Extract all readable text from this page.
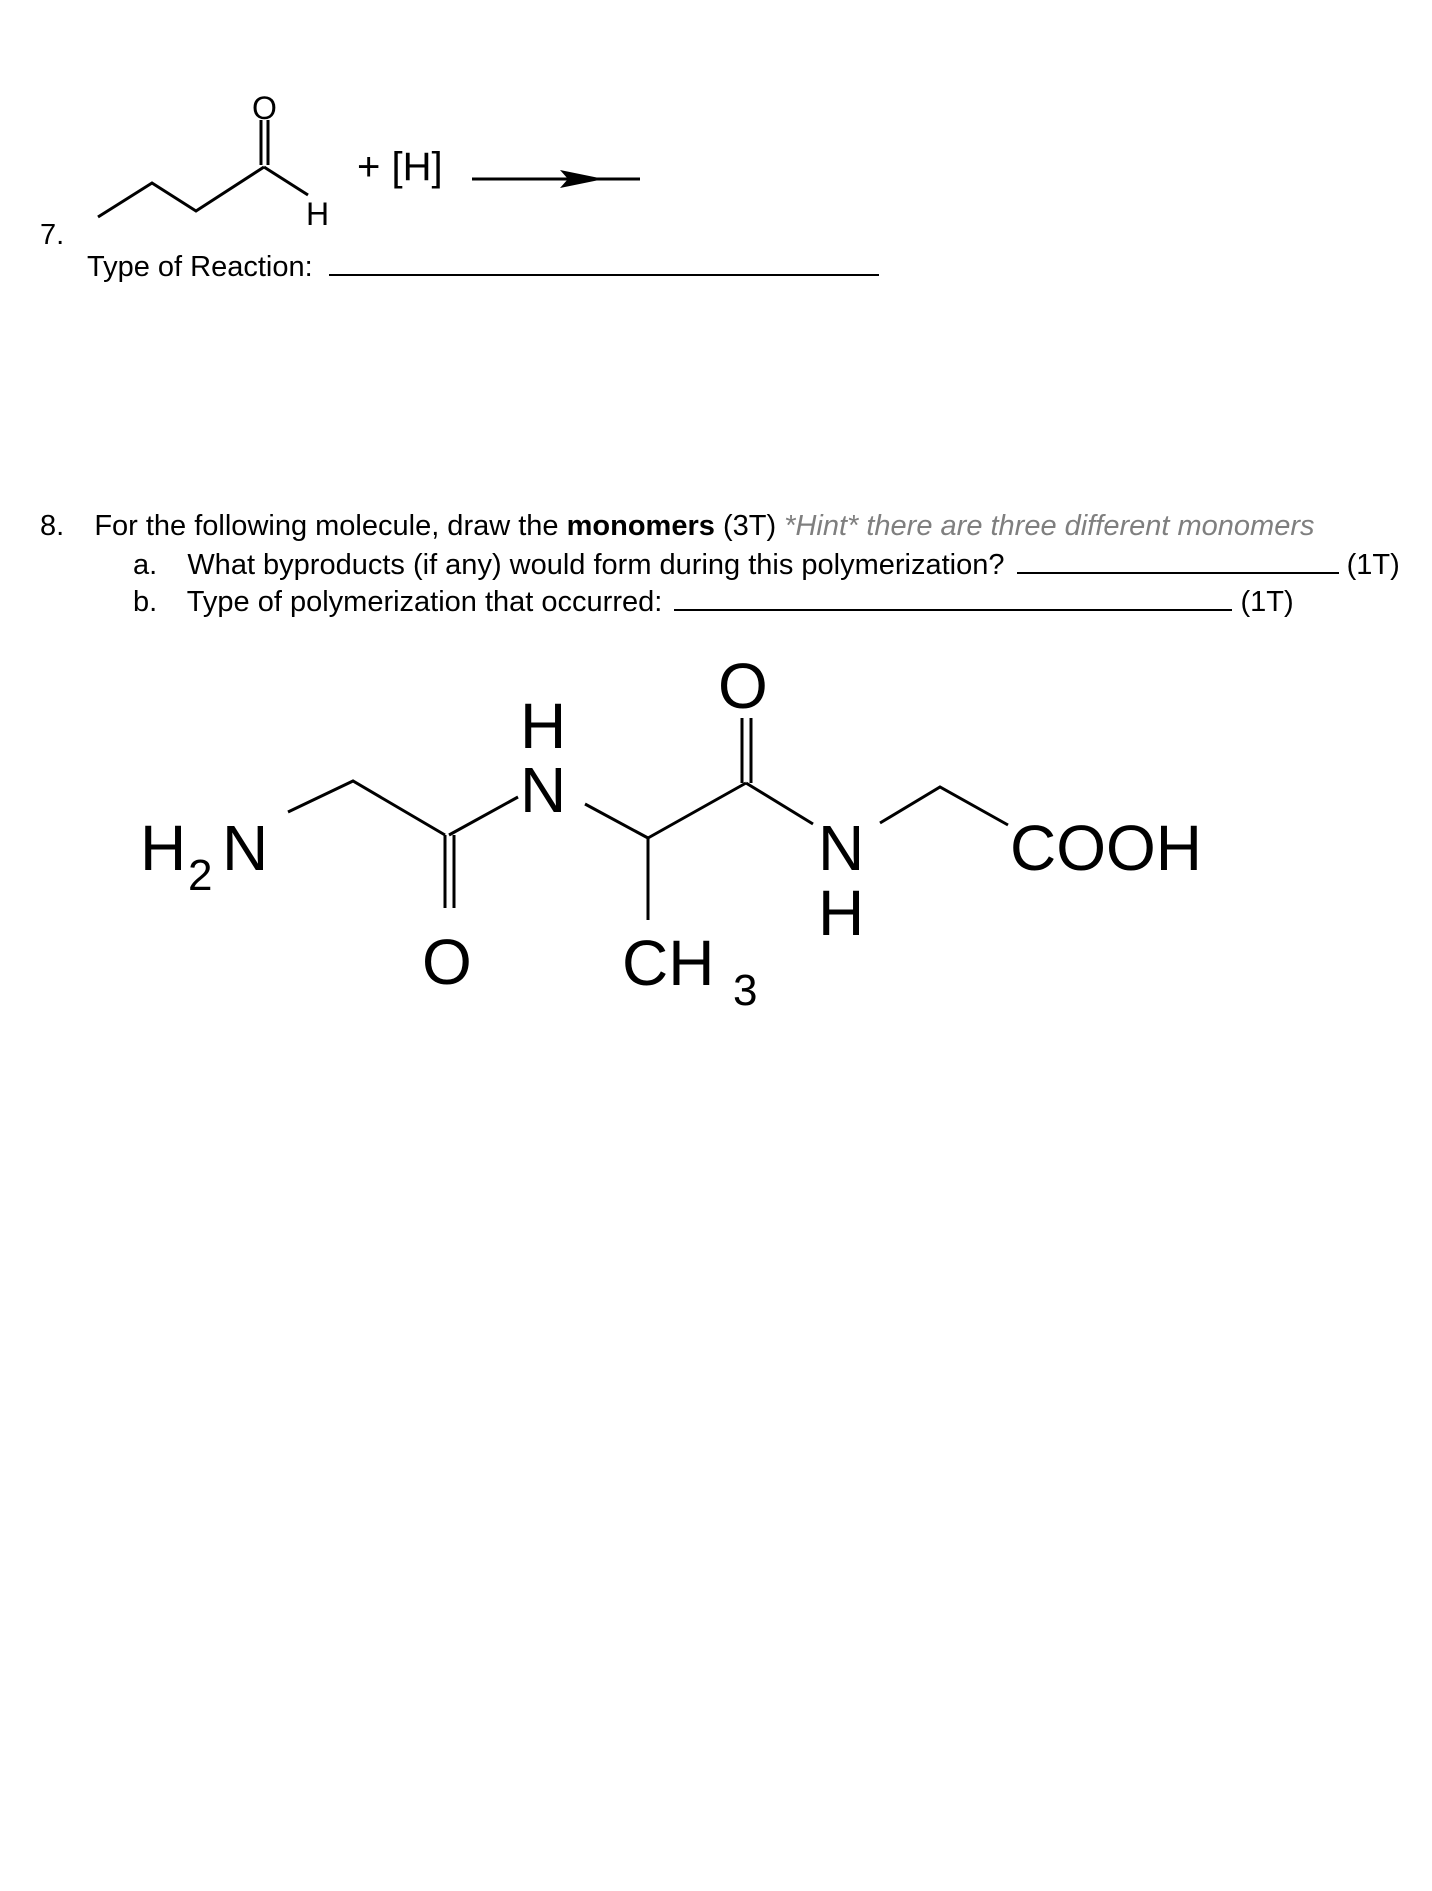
7.
O
H
+ [H]
Type of Reaction:
8. For the following molecule, draw the monomers (3T) *Hint* there are three different monomers
a. What byproducts (if any) would form during this polymerization?	(1T)
b. Type of polymerization that occurred:	(1T)
H 2 N
H
N
O
O
CH 3
N
H
COOH
